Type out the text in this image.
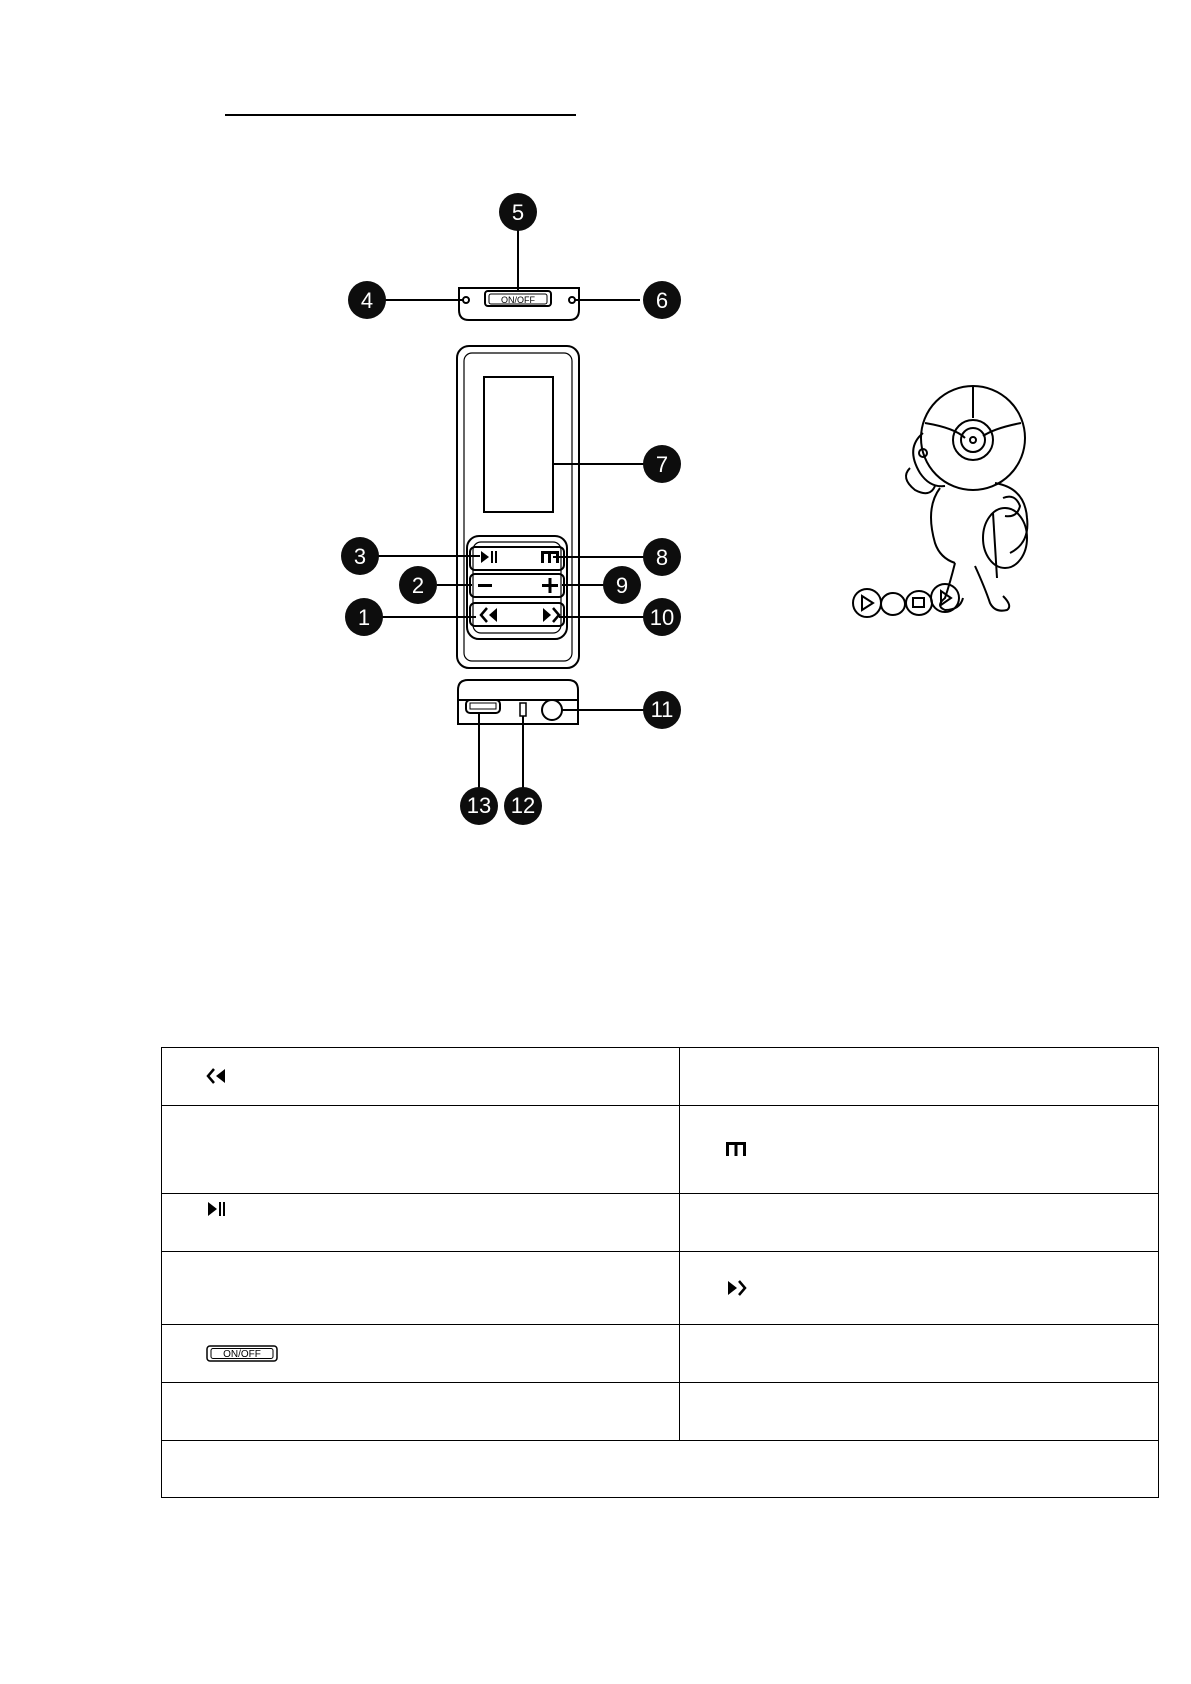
ON/OFF
5
4	6
7
3	8
2	9
1	10
11
13 12

ON/OFF	
